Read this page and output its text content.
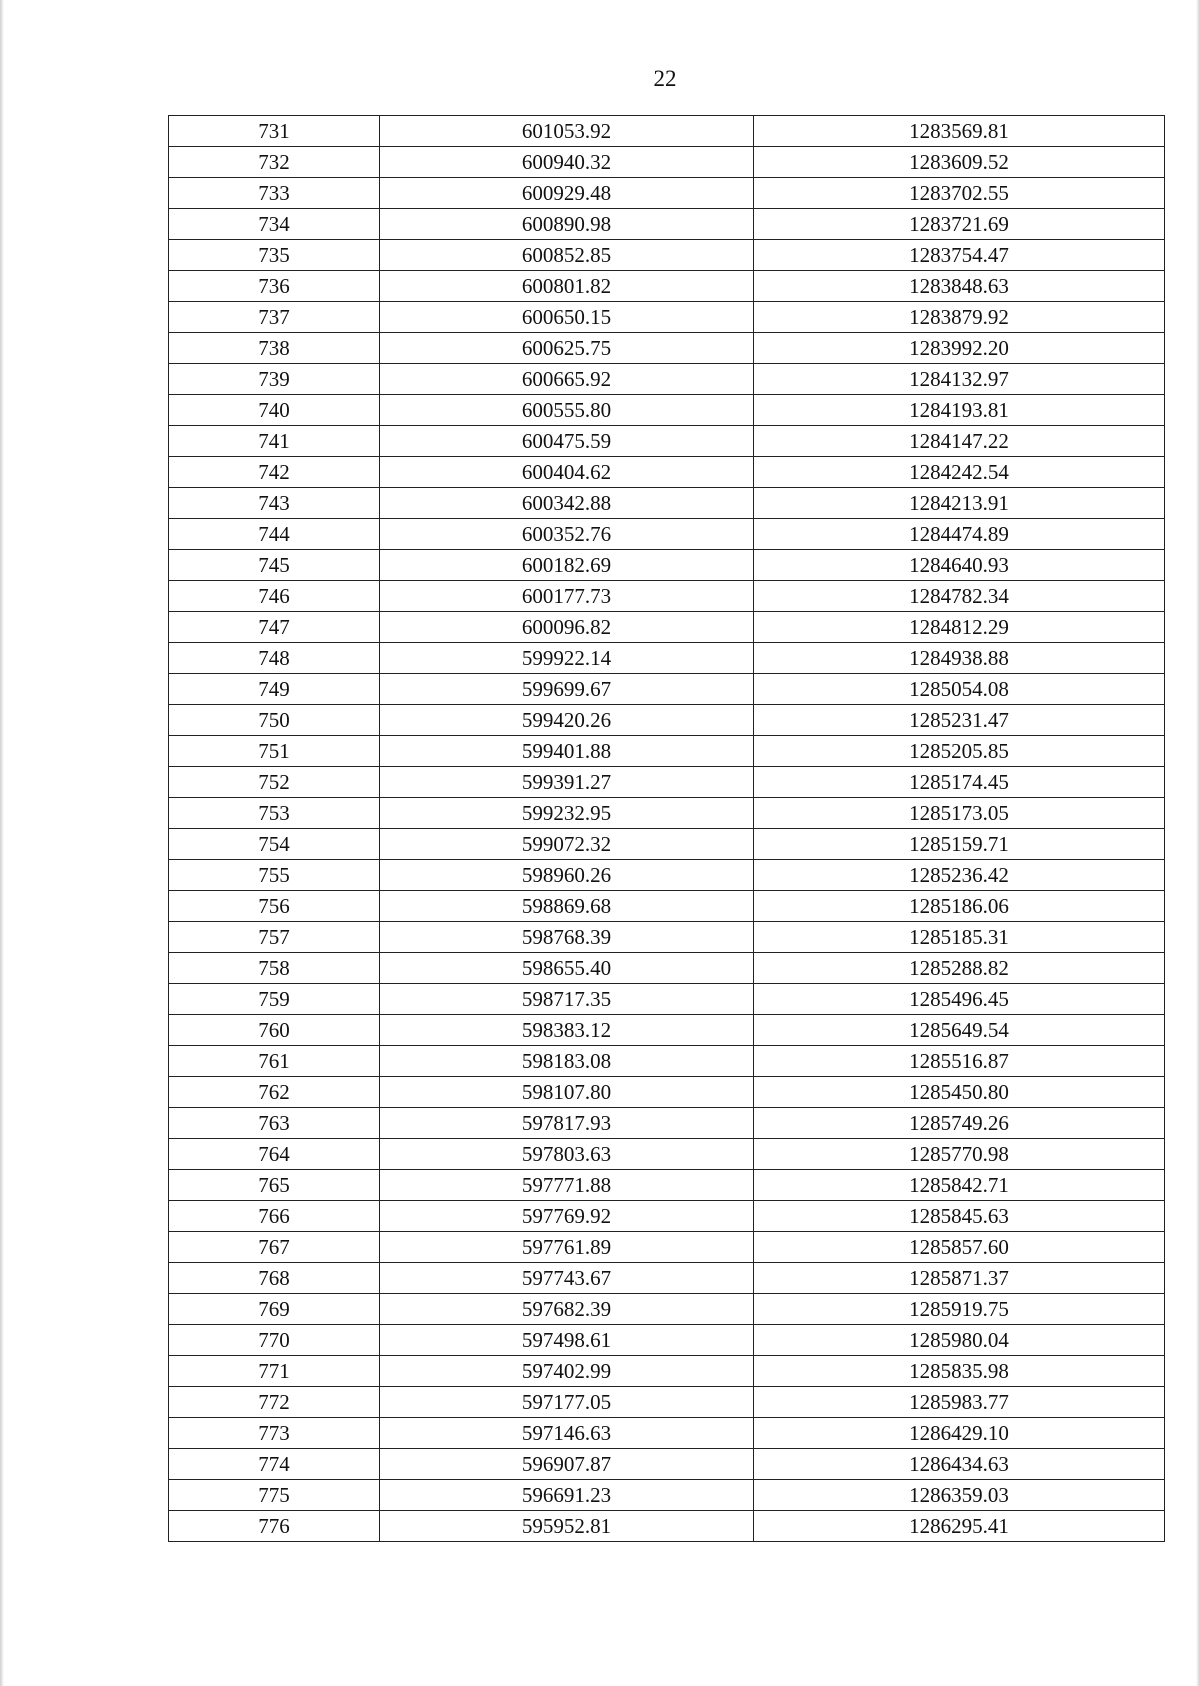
22
731	601053.92	1283569.81
732	600940.32	1283609.52
733	600929.48	1283702.55
734	600890.98	1283721.69
735	600852.85	1283754.47
736	600801.82	1283848.63
737	600650.15	1283879.92
738	600625.75	1283992.20
739	600665.92	1284132.97
740	600555.80	1284193.81
741	600475.59	1284147.22
742	600404.62	1284242.54
743	600342.88	1284213.91
744	600352.76	1284474.89
745	600182.69	1284640.93
746	600177.73	1284782.34
747	600096.82	1284812.29
748	599922.14	1284938.88
749	599699.67	1285054.08
750	599420.26	1285231.47
751	599401.88	1285205.85
752	599391.27	1285174.45
753	599232.95	1285173.05
754	599072.32	1285159.71
755	598960.26	1285236.42
756	598869.68	1285186.06
757	598768.39	1285185.31
758	598655.40	1285288.82
759	598717.35	1285496.45
760	598383.12	1285649.54
761	598183.08	1285516.87
762	598107.80	1285450.80
763	597817.93	1285749.26
764	597803.63	1285770.98
765	597771.88	1285842.71
766	597769.92	1285845.63
767	597761.89	1285857.60
768	597743.67	1285871.37
769	597682.39	1285919.75
770	597498.61	1285980.04
771	597402.99	1285835.98
772	597177.05	1285983.77
773	597146.63	1286429.10
774	596907.87	1286434.63
775	596691.23	1286359.03
776	595952.81	1286295.41
